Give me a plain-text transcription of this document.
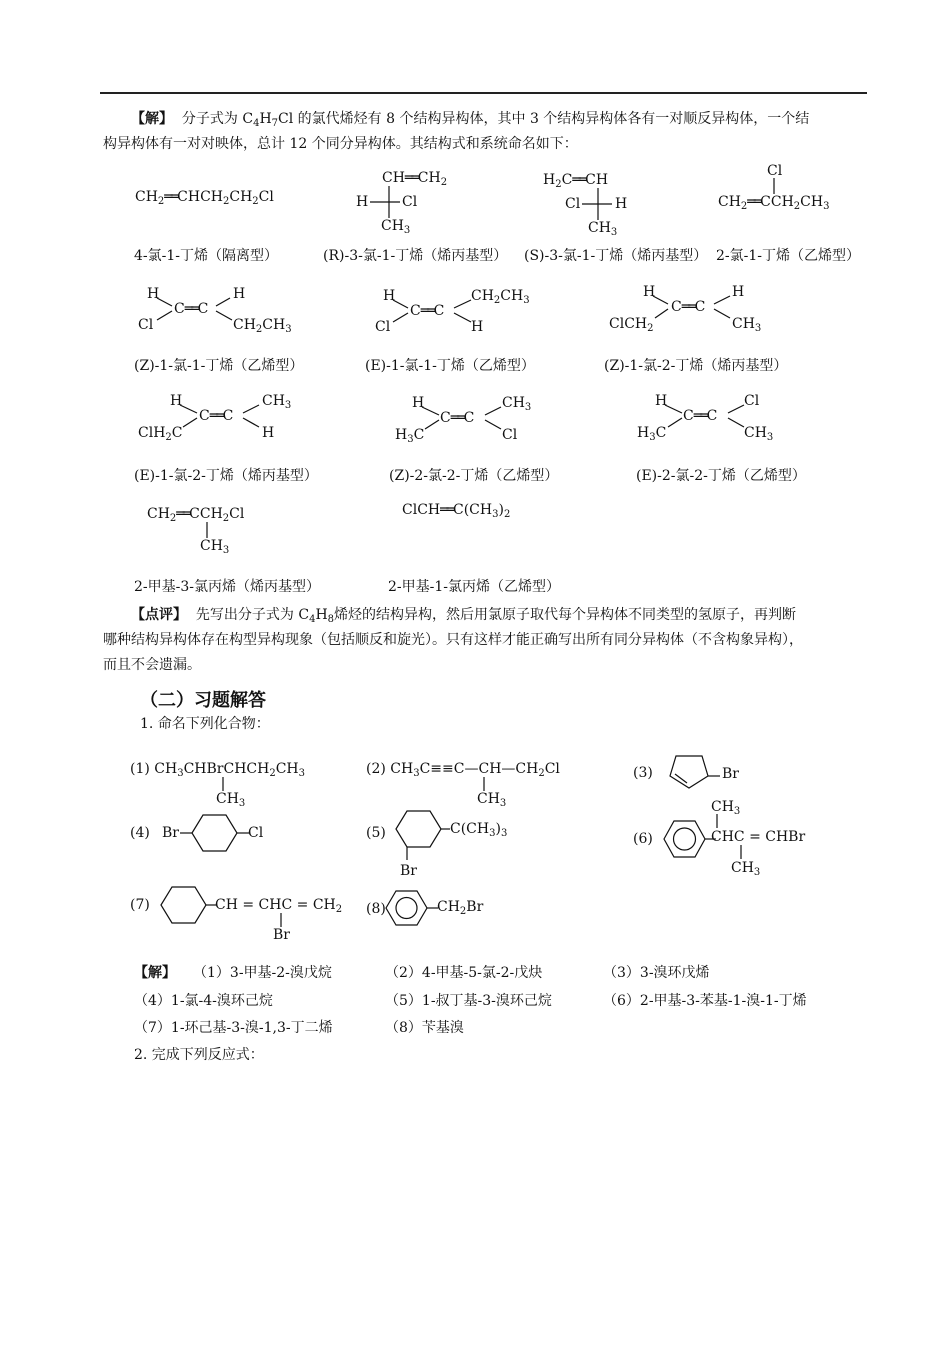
【解】 分子式为 $C_4H_7Cl$ 的氯代烯烃有 8 个结构异构体，其中 3 个结构异构体各有一对顺反异构体，一个结
构异构体有一对对映体，总计 12 个同分异构体。其结构式和系统命名如下：
$CH_2══CHCH_2CH_2Cl$
$CH══CH_2$
H Cl
$CH_3$
$H_2C══CH$
Cl H
$CH_3$
Cl
$CH_2══CCH_2CH_3$
4-氯-1-丁烯（隔离型）	(R)-3-氯-1-丁烯（烯丙基型） (S)-3-氯-1-丁烯（烯丙基型） 2-氯-1-丁烯（乙烯型）
H	H
C══C
Cl	$CH_2CH_3$
H	$CH_2CH_3$
C══C
Cl	H
H	H
C══C
ClCH$_2$	$CH_3$
(Z)-1-氯-1-丁烯（乙烯型）	(E)-1-氯-1-丁烯（乙烯型）	(Z)-1-氯-2-丁烯（烯丙基型）
H	$CH_3$
C══C
ClH$_2$C	H
H	$CH_3$
C══C
$H_3C$	Cl
H	Cl
C══C
$H_3C$	$CH_3$
(E)-1-氯-2-丁烯（烯丙基型）	(Z)-2-氯-2-丁烯（乙烯型）	(E)-2-氯-2-丁烯（乙烯型）
$CH_2══CCH_2Cl$
$CH_3$
$ClCH══C(CH_3)_2$
2-甲基-3-氯丙烯（烯丙基型）	2-甲基-1-氯丙烯（乙烯型）
【点评】 先写出分子式为 $C_4H_8$烯烃的结构异构，然后用氯原子取代每个异构体不同类型的氢原子，再判断
哪种结构异构体存在构型异构现象（包括顺反和旋光）。只有这样才能正确写出所有同分异构体（不含构象异构），
而且不会遗漏。
（二）习题解答
1. 命名下列化合物：
(1) $CH_3CHBrCHCH_2CH_3$
$CH_3$
(2) $CH_3C\equiv\equiv C—CH—CH_2Cl$
$CH_3$
(3)	Br
(4) Br	Cl	(5)	$C(CH_3)_3$
Br
(6)
$CH_3$
CHC = CHBr
$CH_3$
(7)	CH = CHC = $CH_2$
Br
(8)	$CH_2Br$
【解】 （1）3-甲基-2-溴戊烷	（2）4-甲基-5-氯-2-戊炔	（3）3-溴环戊烯
（4）1-氯-4-溴环己烷	（5）1-叔丁基-3-溴环己烷	（6）2-甲基-3-苯基-1-溴-1-丁烯
（7）1-环己基-3-溴-1,3-丁二烯	（8）苄基溴
2. 完成下列反应式：
